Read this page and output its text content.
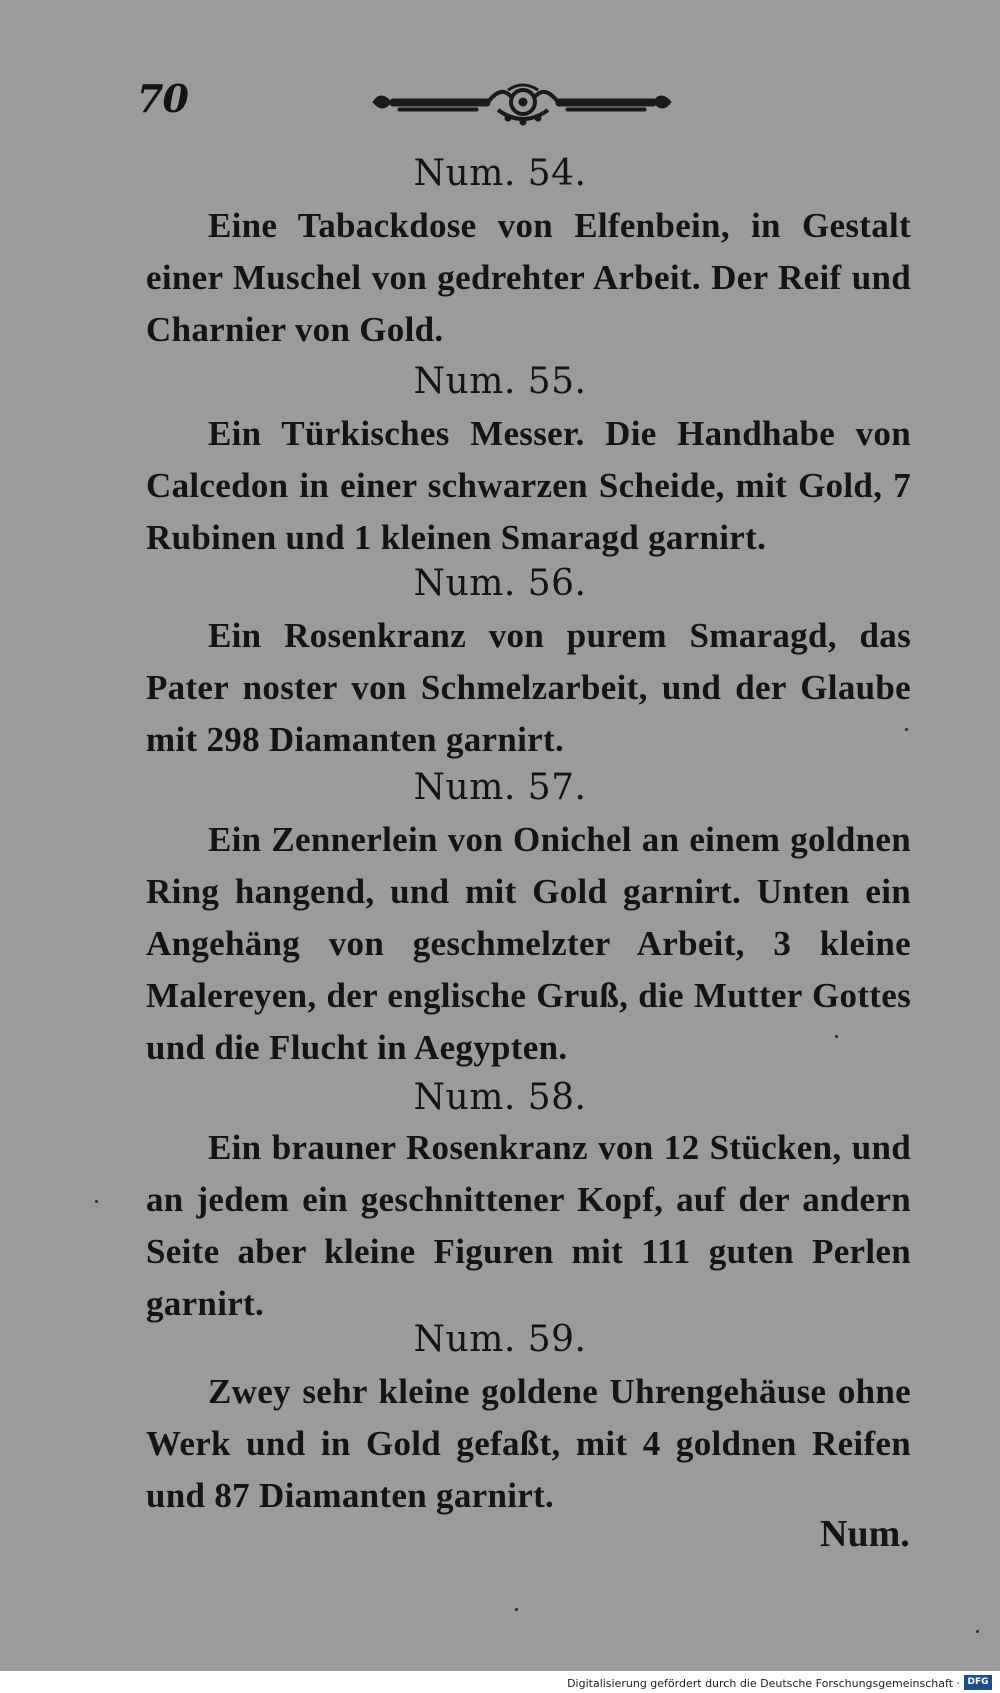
70
Num. 54.
Eine Tabackdose von Elfenbein, in Gestalt einer Muschel von gedrehter Arbeit. Der Reif und Charnier von Gold.
Num. 55.
Ein Türkisches Messer. Die Handhabe von Calcedon in einer schwarzen Scheide, mit Gold, 7 Rubinen und 1 kleinen Smaragd garnirt.
Num. 56.
Ein Rosenkranz von purem Smaragd, das Pater noster von Schmelzarbeit, und der Glaube mit 298 Diamanten garnirt.
Num. 57.
Ein Zennerlein von Onichel an einem goldnen Ring hangend, und mit Gold garnirt. Unten ein Angehäng von geschmelzter Arbeit, 3 kleine Malereyen, der englische Gruß, die Mutter Gottes und die Flucht in Aegypten.
Num. 58.
Ein brauner Rosenkranz von 12 Stücken, und an jedem ein geschnittener Kopf, auf der andern Seite aber kleine Figuren mit 111 guten Perlen garnirt.
Num. 59.
Zwey sehr kleine goldene Uhrengehäuse ohne Werk und in Gold gefaßt, mit 4 goldnen Reifen und 87 Diamanten garnirt.
Num.
Digitalisierung gefördert durch die Deutsche Forschungsgemeinschaft · DFG
